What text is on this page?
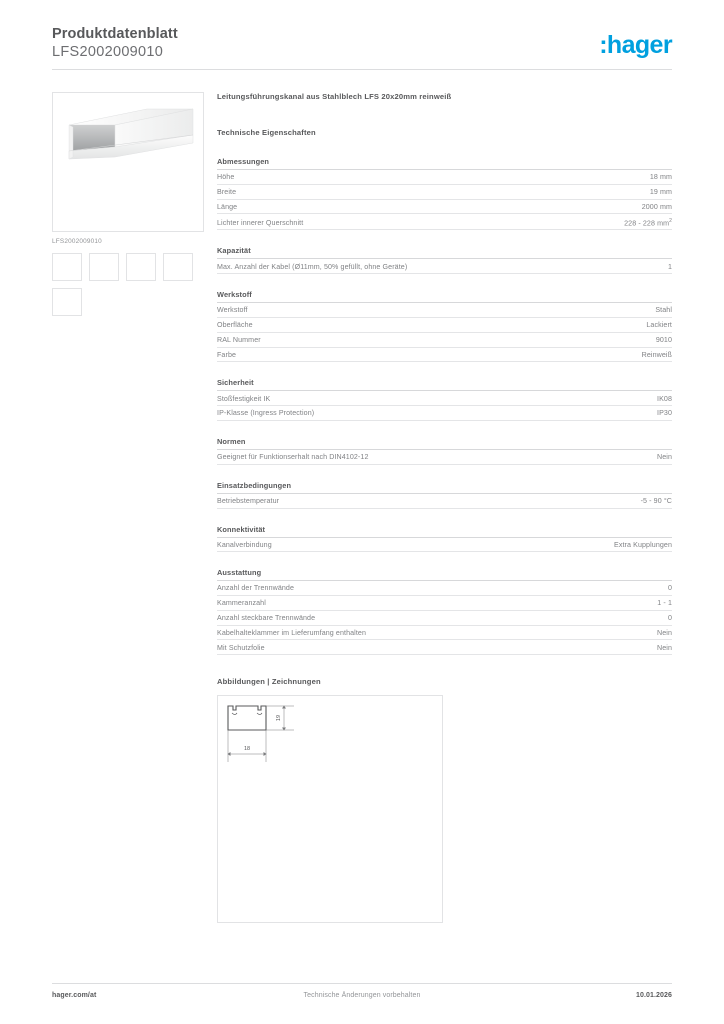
Produktdatenblatt
LFS2002009010	:hager
LFS2002009010
Leitungsführungskanal aus Stahlblech LFS 20x20mm reinweiß
Technische Eigenschaften
Abmessungen
Höhe	18 mm
Breite	19 mm
Länge	2000 mm
Lichter innerer Querschnitt	228 - 228 $mm^2$
Kapazität
Max. Anzahl der Kabel (Ø11mm, 50% gefüllt, ohne Geräte)	1
Werkstoff
Werkstoff	Stahl
Oberfläche	Lackiert
RAL Nummer	9010
Farbe	Reinweiß
Sicherheit
Stoßfestigkeit IK	IK08
IP-Klasse (Ingress Protection)	IP30
Normen
Geeignet für Funktionserhalt nach DIN4102-12	Nein
Einsatzbedingungen
Betriebstemperatur	-5 - 90 °C
Konnektivität
Kanalverbindung	Extra Kupplungen
Ausstattung
Anzahl der Trennwände	0
Kammeranzahl	1 - 1
Anzahl steckbare Trennwände	0
Kabelhalteklammer im Lieferumfang enthalten	Nein
Mit Schutzfolie	Nein
Abbildungen | Zeichnungen
19
18
hager.com/at	Technische Änderungen vorbehalten	10.01.2026
